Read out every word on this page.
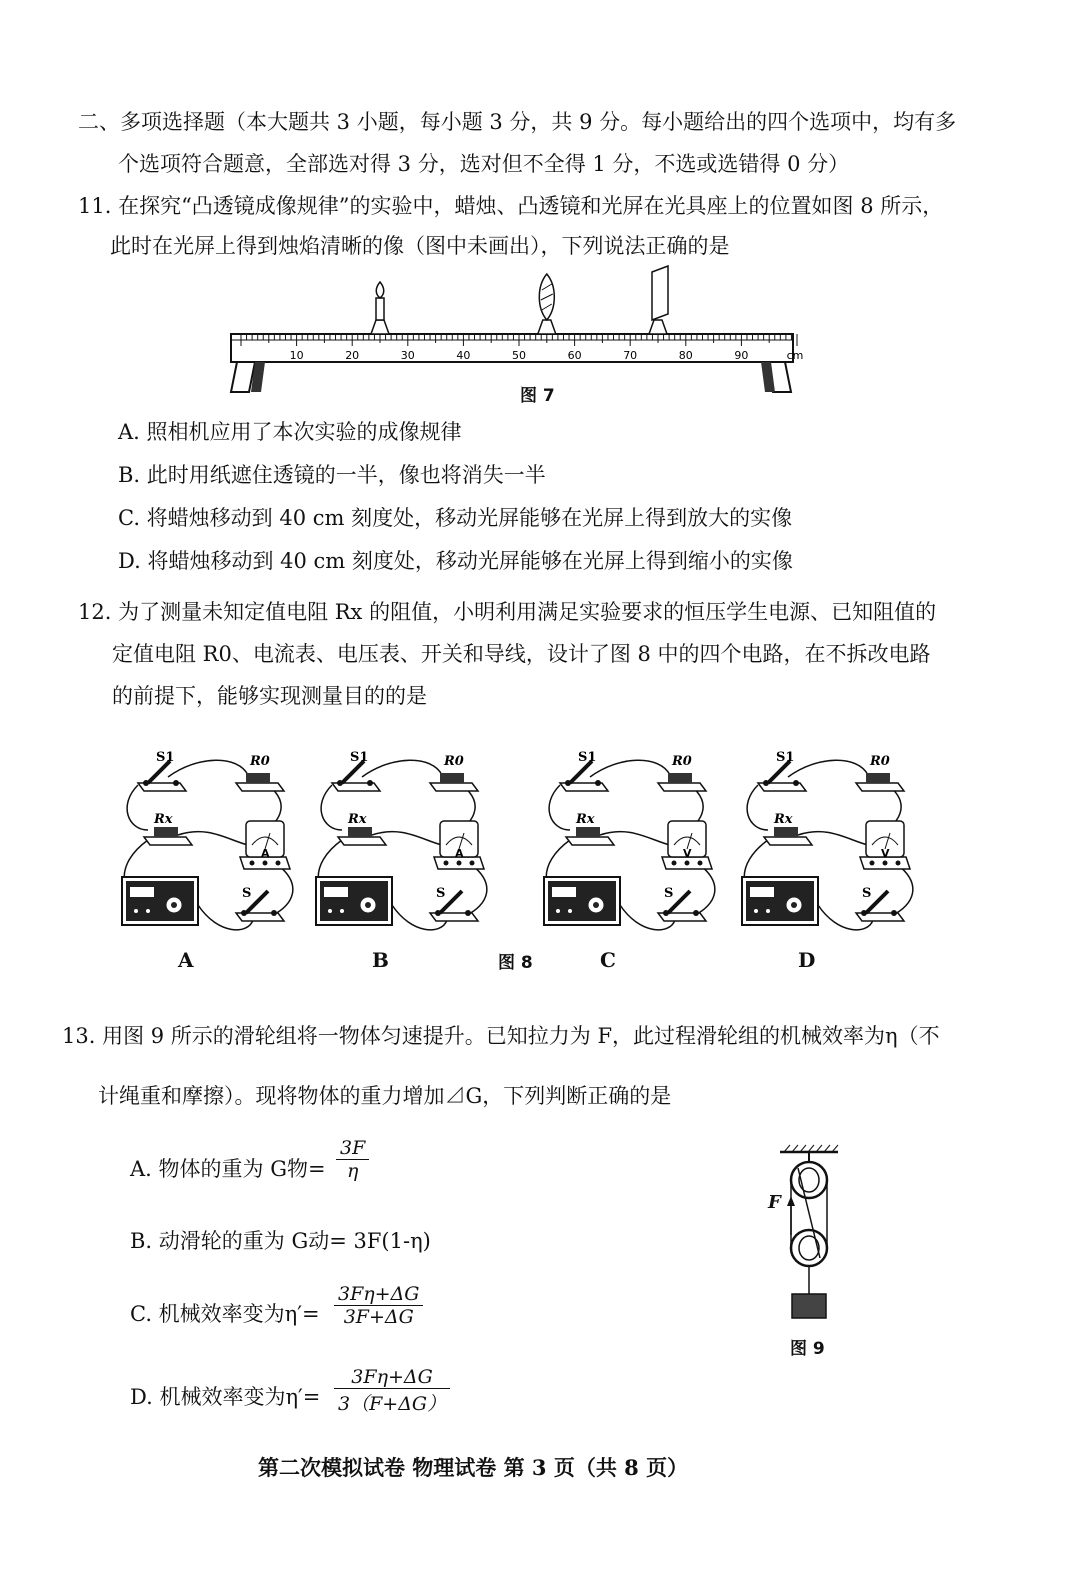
二、多项选择题（本大题共 3 小题，每小题 3 分，共 9 分。每小题给出的四个选项中，均有多
个选项符合题意，全部选对得 3 分，选对但不全得 1 分，不选或选错得 0 分）
11. 在探究“凸透镜成像规律”的实验中，蜡烛、凸透镜和光屏在光具座上的位置如图 8 所示，
此时在光屏上得到烛焰清晰的像（图中未画出），下列说法正确的是
10	20	30	40	50	60	70	80	90	cm
图 7
A. 照相机应用了本次实验的成像规律
B. 此时用纸遮住透镜的一半，像也将消失一半
C. 将蜡烛移动到 40 cm 刻度处，移动光屏能够在光屏上得到放大的实像
D. 将蜡烛移动到 40 cm 刻度处，移动光屏能够在光屏上得到缩小的实像
12. 为了测量未知定值电阻 Rx 的阻值，小明利用满足实验要求的恒压学生电源、已知阻值的
定值电阻 R0、电流表、电压表、开关和导线，设计了图 8 中的四个电路，在不拆改电路
的前提下，能够实现测量目的的是
S1	R0
Rx
A
S
A
S1	R0
Rx
A
S
B
S1	R0
Rx
V
S
C
S1	R0
Rx
V
S
D
图 8
13. 用图 9 所示的滑轮组将一物体匀速提升。已知拉力为 F，此过程滑轮组的机械效率为η（不
计绳重和摩擦）。现将物体的重力增加⊿G，下列判断正确的是
A. 物体的重为 G物= $\frac{3F}{\eta}$
B. 动滑轮的重为 G动= 3F(1-η)
C. 机械效率变为$\eta'= \frac{3F\eta+\Delta G}{3F+\Delta G}$
D. 机械效率变为$\eta'= \frac{3F\eta+\Delta G}{3(F+\Delta G)}$
F
图 9
第二次模拟试卷 物理试卷 第 3 页（共 8 页）
